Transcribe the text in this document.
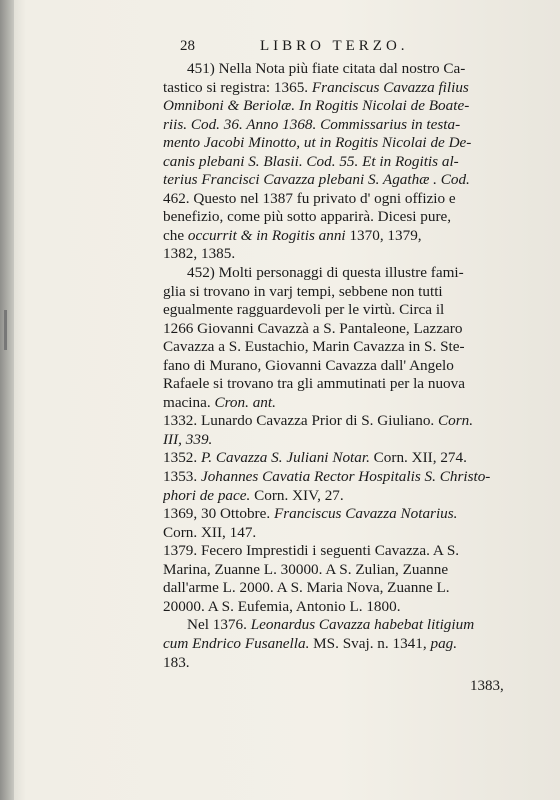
28	LIBRO TERZO.
451) Nella Nota più fiate citata dal nostro Ca-
tastico si registra: 1365. Franciscus Cavazza filius
Omniboni & Beriolæ. In Rogitis Nicolai de Boate-
riis. Cod. 36. Anno 1368. Commissarius in testa-
mento Jacobi Minotto, ut in Rogitis Nicolai de De-
canis plebani S. Blasii. Cod. 55. Et in Rogitis al-
terius Francisci Cavazza plebani S. Agathæ . Cod.
462. Questo nel 1387 fu privato d' ogni offizio e
benefizio, come più sotto apparirà. Dicesi pure,
che occurrit & in Rogitis anni 1370, 1379,
1382, 1385.
452) Molti personaggi di questa illustre fami-
glia si trovano in varj tempi, sebbene non tutti
egualmente ragguardevoli per le virtù. Circa il
1266 Giovanni Cavazzà a S. Pantaleone, Lazzaro
Cavazza a S. Eustachio, Marin Cavazza in S. Ste-
fano di Murano, Giovanni Cavazza dall' Angelo
Rafaele si trovano tra gli ammutinati per la nuova
macina. Cron. ant.
1332. Lunardo Cavazza Prior di S. Giuliano. Corn.
III, 339.
1352. P. Cavazza S. Juliani Notar. Corn. XII, 274.
1353. Johannes Cavatia Rector Hospitalis S. Christo-
phori de pace. Corn. XIV, 27.
1369, 30 Ottobre. Franciscus Cavazza Notarius.
Corn. XII, 147.
1379. Fecero Imprestidi i seguenti Cavazza. A S.
Marina, Zuanne L. 30000. A S. Zulian, Zuanne
dall'arme L. 2000. A S. Maria Nova, Zuanne L.
20000. A S. Eufemia, Antonio L. 1800.
Nel 1376. Leonardus Cavazza habebat litigium
cum Endrico Fusanella. MS. Svaj. n. 1341, pag.
183.
1383,
